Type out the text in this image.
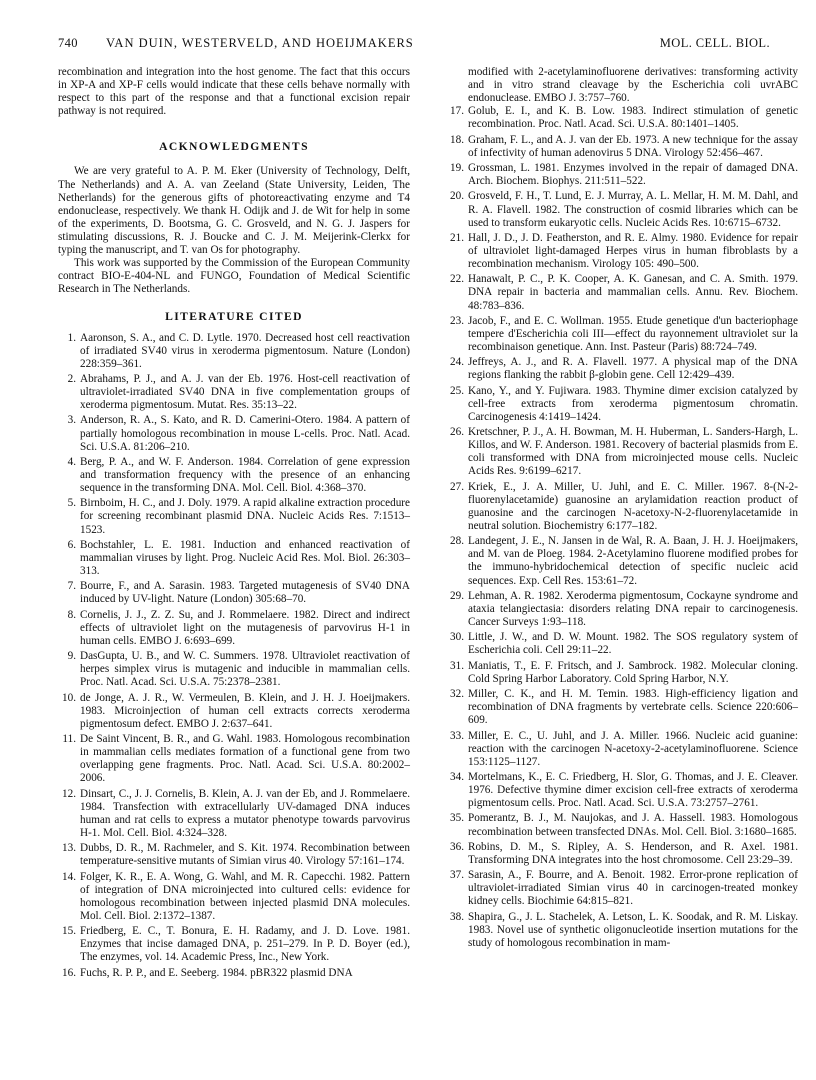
740 VAN DUIN, WESTERVELD, AND HOEIJMAKERS	MOL. CELL. BIOL.

recombination and integration into the host genome. The fact that this occurs in XP-A and XP-F cells would indicate that these cells behave normally with respect to this part of the response and that a functional excision repair pathway is not required.

ACKNOWLEDGMENTS

We are very grateful to A. P. M. Eker (University of Technology, Delft, The Netherlands) and A. A. van Zeeland (State University, Leiden, The Netherlands) for the generous gifts of photoreactivating enzyme and T4 endonuclease, respectively. We thank H. Odijk and J. de Wit for help in some of the experiments, D. Bootsma, G. C. Grosveld, and N. G. J. Jaspers for stimulating discussions, R. J. Boucke and C. J. M. Meijerink-Clerkx for typing the manuscript, and T. van Os for photography.

This work was supported by the Commission of the European Community contract BIO-E-404-NL and FUNGO, Foundation of Medical Scientific Research in The Netherlands.

LITERATURE CITED
1. Aaronson, S. A., and C. D. Lytle. 1970. Decreased host cell reactivation of irradiated SV40 virus in xeroderma pigmentosum. Nature (London) 228:359–361.
2. Abrahams, P. J., and A. J. van der Eb. 1976. Host-cell reactivation of ultraviolet-irradiated SV40 DNA in five complementation groups of xeroderma pigmentosum. Mutat. Res. 35:13–22.
3. Anderson, R. A., S. Kato, and R. D. Camerini-Otero. 1984. A pattern of partially homologous recombination in mouse L-cells. Proc. Natl. Acad. Sci. U.S.A. 81:206–210.
4. Berg, P. A., and W. F. Anderson. 1984. Correlation of gene expression and transformation frequency with the presence of an enhancing sequence in the transforming DNA. Mol. Cell. Biol. 4:368–370.
5. Birnboim, H. C., and J. Doly. 1979. A rapid alkaline extraction procedure for screening recombinant plasmid DNA. Nucleic Acids Res. 7:1513–1523.
6. Bochstahler, L. E. 1981. Induction and enhanced reactivation of mammalian viruses by light. Prog. Nucleic Acid Res. Mol. Biol. 26:303–313.
7. Bourre, F., and A. Sarasin. 1983. Targeted mutagenesis of SV40 DNA induced by UV-light. Nature (London) 305:68–70.
8. Cornelis, J. J., Z. Z. Su, and J. Rommelaere. 1982. Direct and indirect effects of ultraviolet light on the mutagenesis of parvovirus H-1 in human cells. EMBO J. 6:693–699.
9. DasGupta, U. B., and W. C. Summers. 1978. Ultraviolet reactivation of herpes simplex virus is mutagenic and inducible in mammalian cells. Proc. Natl. Acad. Sci. U.S.A. 75:2378–2381.
10. de Jonge, A. J. R., W. Vermeulen, B. Klein, and J. H. J. Hoeijmakers. 1983. Microinjection of human cell extracts corrects xeroderma pigmentosum defect. EMBO J. 2:637–641.
11. De Saint Vincent, B. R., and G. Wahl. 1983. Homologous recombination in mammalian cells mediates formation of a functional gene from two overlapping gene fragments. Proc. Natl. Acad. Sci. U.S.A. 80:2002–2006.
12. Dinsart, C., J. J. Cornelis, B. Klein, A. J. van der Eb, and J. Rommelaere. 1984. Transfection with extracellularly UV-damaged DNA induces human and rat cells to express a mutator phenotype towards parvovirus H-1. Mol. Cell. Biol. 4:324–328.
13. Dubbs, D. R., M. Rachmeler, and S. Kit. 1974. Recombination between temperature-sensitive mutants of Simian virus 40. Virology 57:161–174.
14. Folger, K. R., E. A. Wong, G. Wahl, and M. R. Capecchi. 1982. Pattern of integration of DNA microinjected into cultured cells: evidence for homologous recombination between injected plasmid DNA molecules. Mol. Cell. Biol. 2:1372–1387.
15. Friedberg, E. C., T. Bonura, E. H. Radamy, and J. D. Love. 1981. Enzymes that incise damaged DNA, p. 251–279. In P. D. Boyer (ed.), The enzymes, vol. 14. Academic Press, Inc., New York.
16. Fuchs, R. P. P., and E. Seeberg. 1984. pBR322 plasmid DNA
modified with 2-acetylaminofluorene derivatives: transforming activity and in vitro strand cleavage by the Escherichia coli uvrABC endonuclease. EMBO J. 3:757–760.
17. Golub, E. I., and K. B. Low. 1983. Indirect stimulation of genetic recombination. Proc. Natl. Acad. Sci. U.S.A. 80:1401–1405.
18. Graham, F. L., and A. J. van der Eb. 1973. A new technique for the assay of infectivity of human adenovirus 5 DNA. Virology 52:456–467.
19. Grossman, L. 1981. Enzymes involved in the repair of damaged DNA. Arch. Biochem. Biophys. 211:511–522.
20. Grosveld, F. H., T. Lund, E. J. Murray, A. L. Mellar, H. M. M. Dahl, and R. A. Flavell. 1982. The construction of cosmid libraries which can be used to transform eukaryotic cells. Nucleic Acids Res. 10:6715–6732.
21. Hall, J. D., J. D. Featherston, and R. E. Almy. 1980. Evidence for repair of ultraviolet light-damaged Herpes virus in human fibroblasts by a recombination mechanism. Virology 105: 490–500.
22. Hanawalt, P. C., P. K. Cooper, A. K. Ganesan, and C. A. Smith. 1979. DNA repair in bacteria and mammalian cells. Annu. Rev. Biochem. 48:783–836.
23. Jacob, F., and E. C. Wollman. 1955. Etude genetique d'un bacteriophage tempere d'Escherichia coli III—effect du rayonnement ultraviolet sur la recombinaison genetique. Ann. Inst. Pasteur (Paris) 88:724–749.
24. Jeffreys, A. J., and R. A. Flavell. 1977. A physical map of the DNA regions flanking the rabbit β-globin gene. Cell 12:429–439.
25. Kano, Y., and Y. Fujiwara. 1983. Thymine dimer excision catalyzed by cell-free extracts from xeroderma pigmentosum chromatin. Carcinogenesis 4:1419–1424.
26. Kretschner, P. J., A. H. Bowman, M. H. Huberman, L. Sanders-Hargh, L. Killos, and W. F. Anderson. 1981. Recovery of bacterial plasmids from E. coli transformed with DNA from microinjected mouse cells. Nucleic Acids Res. 9:6199–6217.
27. Kriek, E., J. A. Miller, U. Juhl, and E. C. Miller. 1967. 8-(N-2-fluorenylacetamide) guanosine an arylamidation reaction product of guanosine and the carcinogen N-acetoxy-N-2-fluorenylacetamide in neutral solution. Biochemistry 6:177–182.
28. Landegent, J. E., N. Jansen in de Wal, R. A. Baan, J. H. J. Hoeijmakers, and M. van de Ploeg. 1984. 2-Acetylamino fluorene modified probes for the immuno-hybridochemical detection of specific nucleic acid sequences. Exp. Cell Res. 153:61–72.
29. Lehman, A. R. 1982. Xeroderma pigmentosum, Cockayne syndrome and ataxia telangiectasia: disorders relating DNA repair to carcinogenesis. Cancer Surveys 1:93–118.
30. Little, J. W., and D. W. Mount. 1982. The SOS regulatory system of Escherichia coli. Cell 29:11–22.
31. Maniatis, T., E. F. Fritsch, and J. Sambrock. 1982. Molecular cloning. Cold Spring Harbor Laboratory. Cold Spring Harbor, N.Y.
32. Miller, C. K., and H. M. Temin. 1983. High-efficiency ligation and recombination of DNA fragments by vertebrate cells. Science 220:606–609.
33. Miller, E. C., U. Juhl, and J. A. Miller. 1966. Nucleic acid guanine: reaction with the carcinogen N-acetoxy-2-acetylaminofluorene. Science 153:1125–1127.
34. Mortelmans, K., E. C. Friedberg, H. Slor, G. Thomas, and J. E. Cleaver. 1976. Defective thymine dimer excision cell-free extracts of xeroderma pigmentosum cells. Proc. Natl. Acad. Sci. U.S.A. 73:2757–2761.
35. Pomerantz, B. J., M. Naujokas, and J. A. Hassell. 1983. Homologous recombination between transfected DNAs. Mol. Cell. Biol. 3:1680–1685.
36. Robins, D. M., S. Ripley, A. S. Henderson, and R. Axel. 1981. Transforming DNA integrates into the host chromosome. Cell 23:29–39.
37. Sarasin, A., F. Bourre, and A. Benoit. 1982. Error-prone replication of ultraviolet-irradiated Simian virus 40 in carcinogen-treated monkey kidney cells. Biochimie 64:815–821.
38. Shapira, G., J. L. Stachelek, A. Letson, L. K. Soodak, and R. M. Liskay. 1983. Novel use of synthetic oligonucleotide insertion mutations for the study of homologous recombination in mam-
